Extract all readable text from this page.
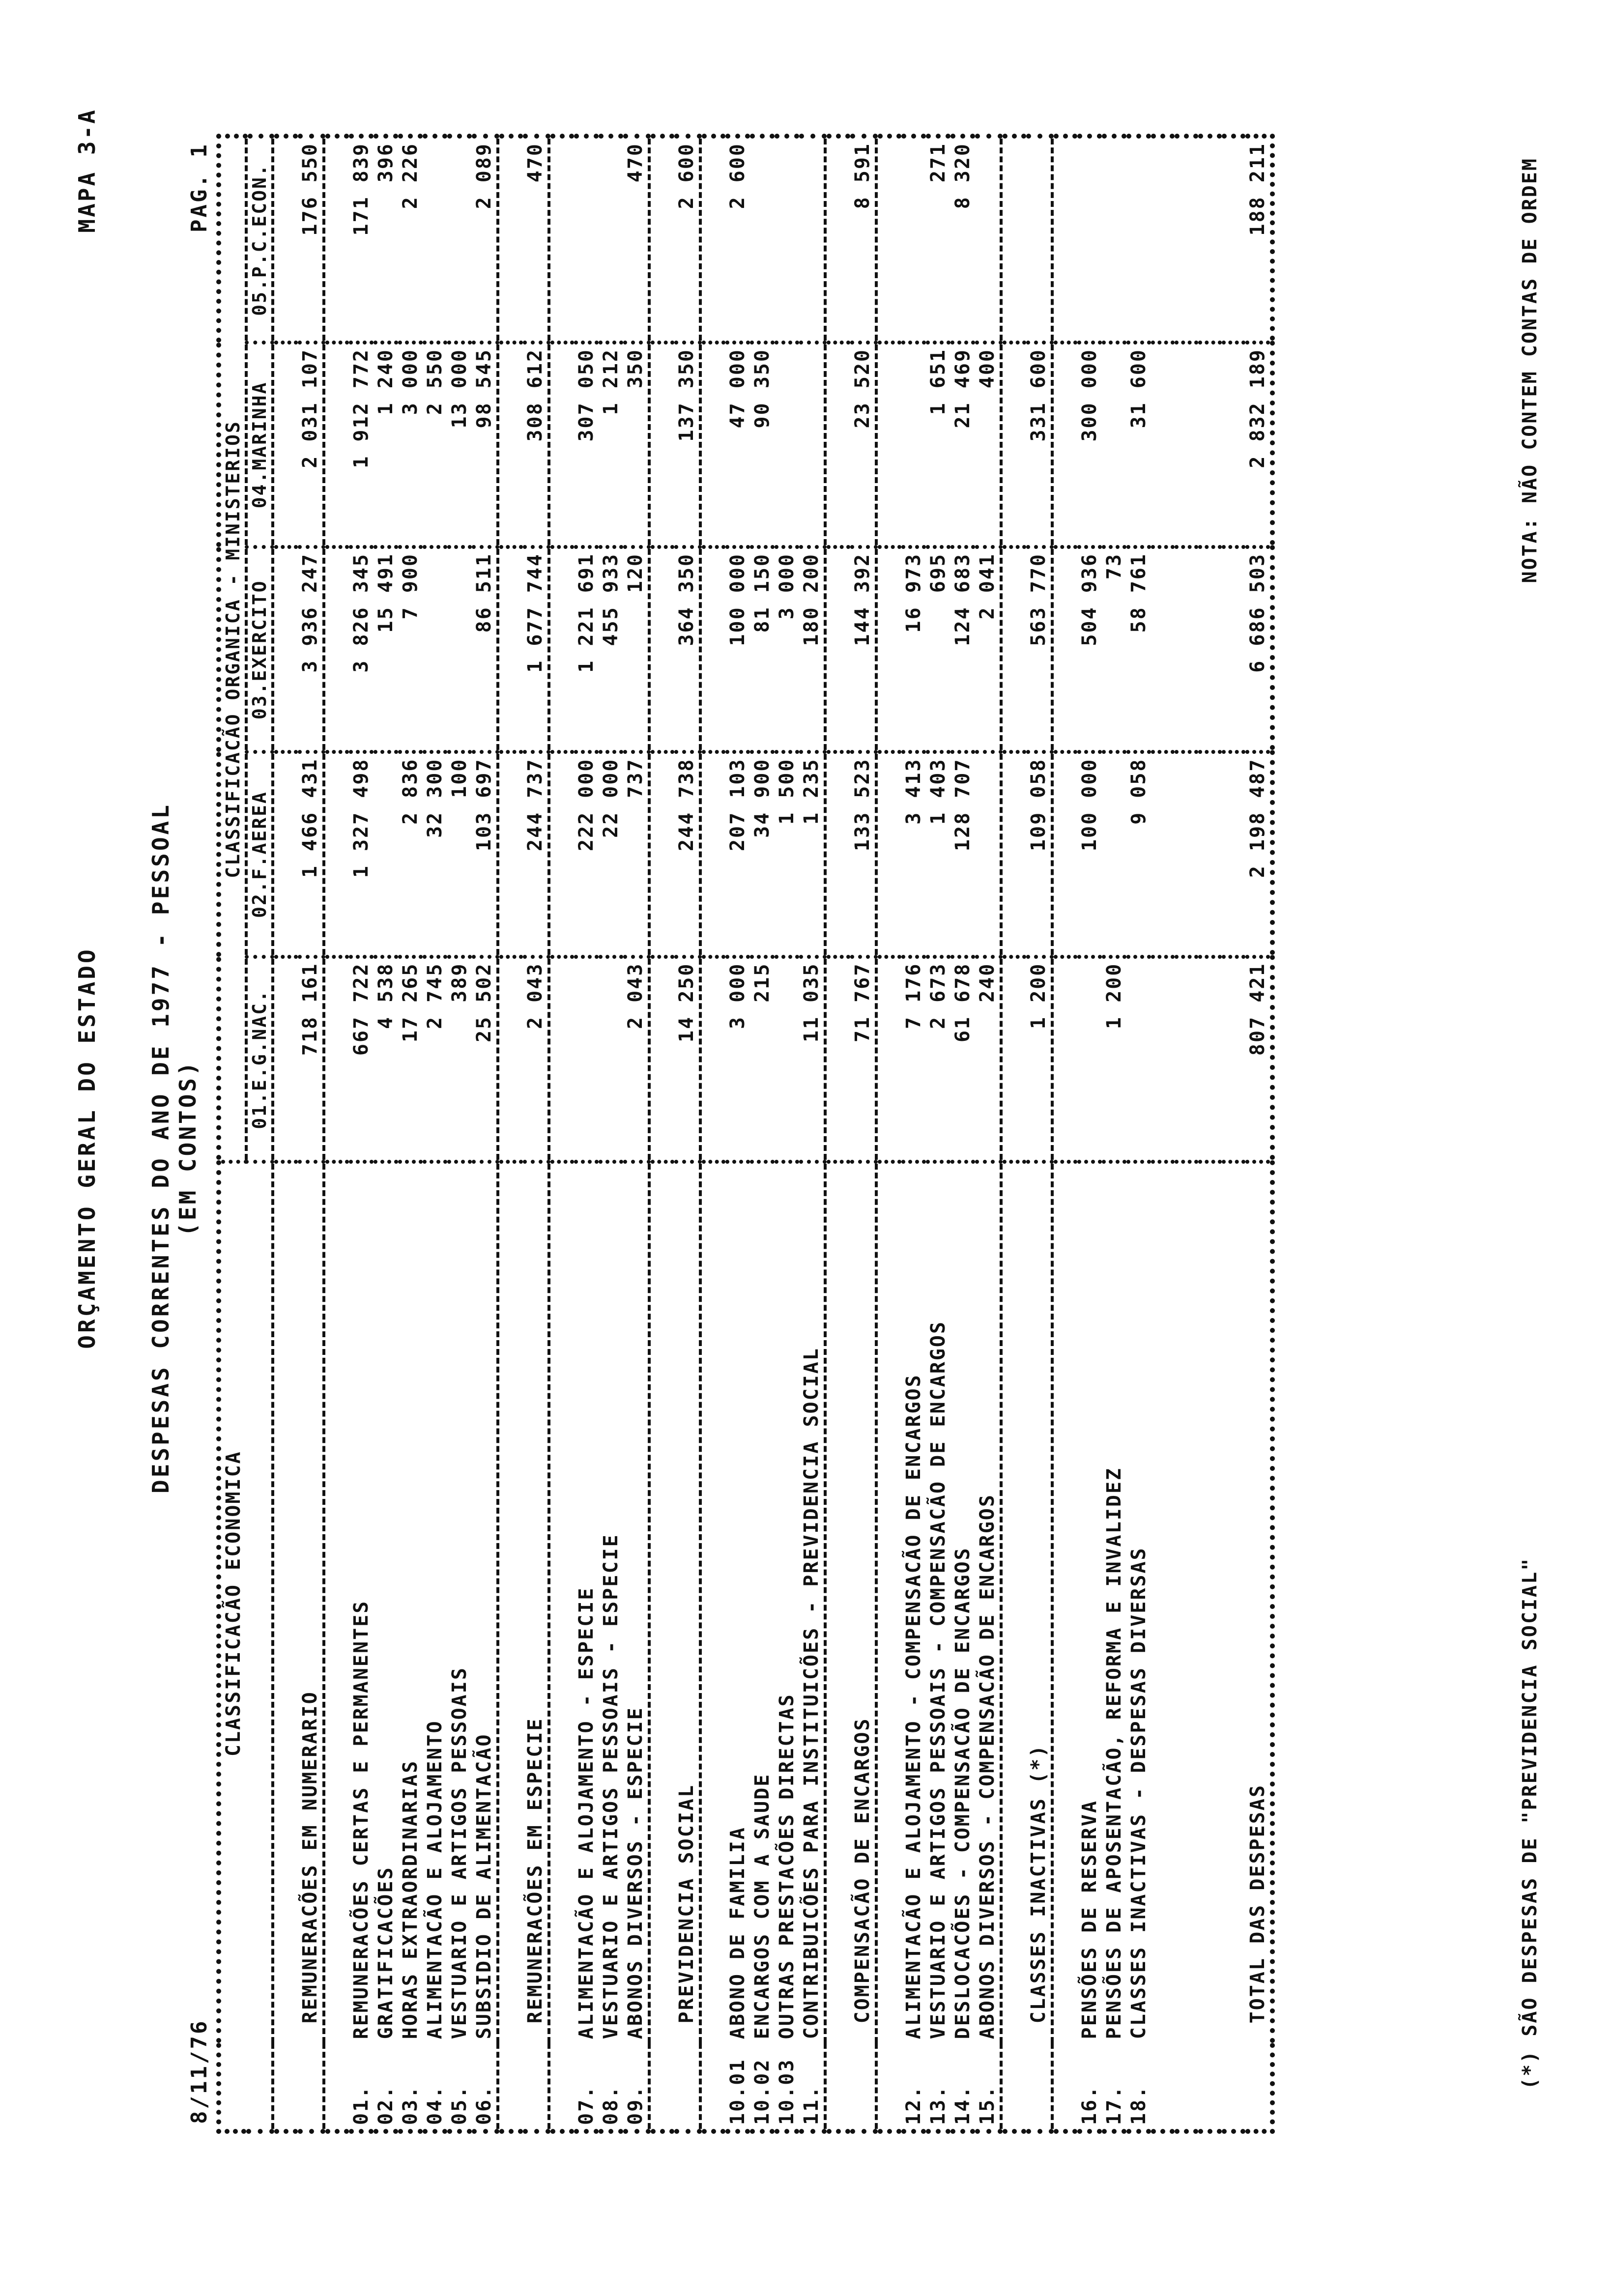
MAPA 3-A
ORÇAMENTO GERAL DO ESTADO DESPESAS CORRENTES DO ANO DE 1977 - PESSOAL (EM CONTOS)
8/11/76
PAG. 1
	CLASSIFICACÃO ECONOMICA	CLASSIFICACÃO ORGANICA - MINISTERIOS				
		01.E.G.NAC.	02.F.AEREA	03.EXERCITO	04.MARINHA	05.P.C.ECON.

	REMUNERACÕES EM NUMERARIO	718 161	1 466 431	3 936 247	2 031 107	176 550

01.	REMUNERACÕES CERTAS E PERMANENTES	667 722	1 327 498	3 826 345	1 912 772	171 839
02.	GRATIFICACÕES	4 538		15 491	1 240	396
03.	HORAS EXTRAORDINARIAS	17 265	2 836	7 900	3 000	2 226
04.	ALIMENTACÃO E ALOJAMENTO	2 745	32 300		2 550	
05.	VESTUARIO E ARTIGOS PESSOAIS	389	100		13 000	
06.	SUBSIDIO DE ALIMENTACÃO	25 502	103 697	86 511	98 545	2 089

	REMUNERACÕES EM ESPECIE	2 043	244 737	1 677 744	308 612	470

07.	ALIMENTACÃO E ALOJAMENTO - ESPECIE		222 000	1 221 691	307 050	
08.	VESTUARIO E ARTIGOS PESSOAIS - ESPECIE		22 000	455 933	1 212	
09.	ABONOS DIVERSOS - ESPECIE	2 043	737	120	350	470

	PREVIDENCIA SOCIAL	14 250	244 738	364 350	137 350	2 600

10.01	ABONO DE FAMILIA	3 000	207 103	100 000	47 000	2 600
10.02	ENCARGOS COM A SAUDE	215	34 900	81 150	90 350	
10.03	OUTRAS PRESTACÕES DIRECTAS		1 500	3 000		
11.	CONTRIBUICÕES PARA INSTITUICÕES - PREVIDENCIA SOCIAL	11 035	1 235	180 200		

	COMPENSACÃO DE ENCARGOS	71 767	133 523	144 392	23 520	8 591

12.	ALIMENTACÃO E ALOJAMENTO - COMPENSACÃO DE ENCARGOS	7 176	3 413	16 973		
13.	VESTUARIO E ARTIGOS PESSOAIS - COMPENSACÃO DE ENCARGOS	2 673	1 403	695	1 651	271
14.	DESLOCACÕES - COMPENSACÃO DE ENCARGOS	61 678	128 707	124 683	21 469	8 320
15.	ABONOS DIVERSOS - COMPENSACÃO DE ENCARGOS	240		2 041	400	

	CLASSES INACTIVAS (*)	1 200	109 058	563 770	331 600	

16.	PENSÕES DE RESERVA		100 000	504 936	300 000	
17.	PENSÕES DE APOSENTACÃO, REFORMA E INVALIDEZ	1 200		73		
18.	CLASSES INACTIVAS - DESPESAS DIVERSAS		9 058	58 761	31 600	

	TOTAL DAS DESPESAS	807 421	2 198 487	6 686 503	2 832 189	188 211
(*) SÃO DESPESAS DE "PREVIDENCIA SOCIAL"
NOTA: NÃO CONTEM CONTAS DE ORDEM
